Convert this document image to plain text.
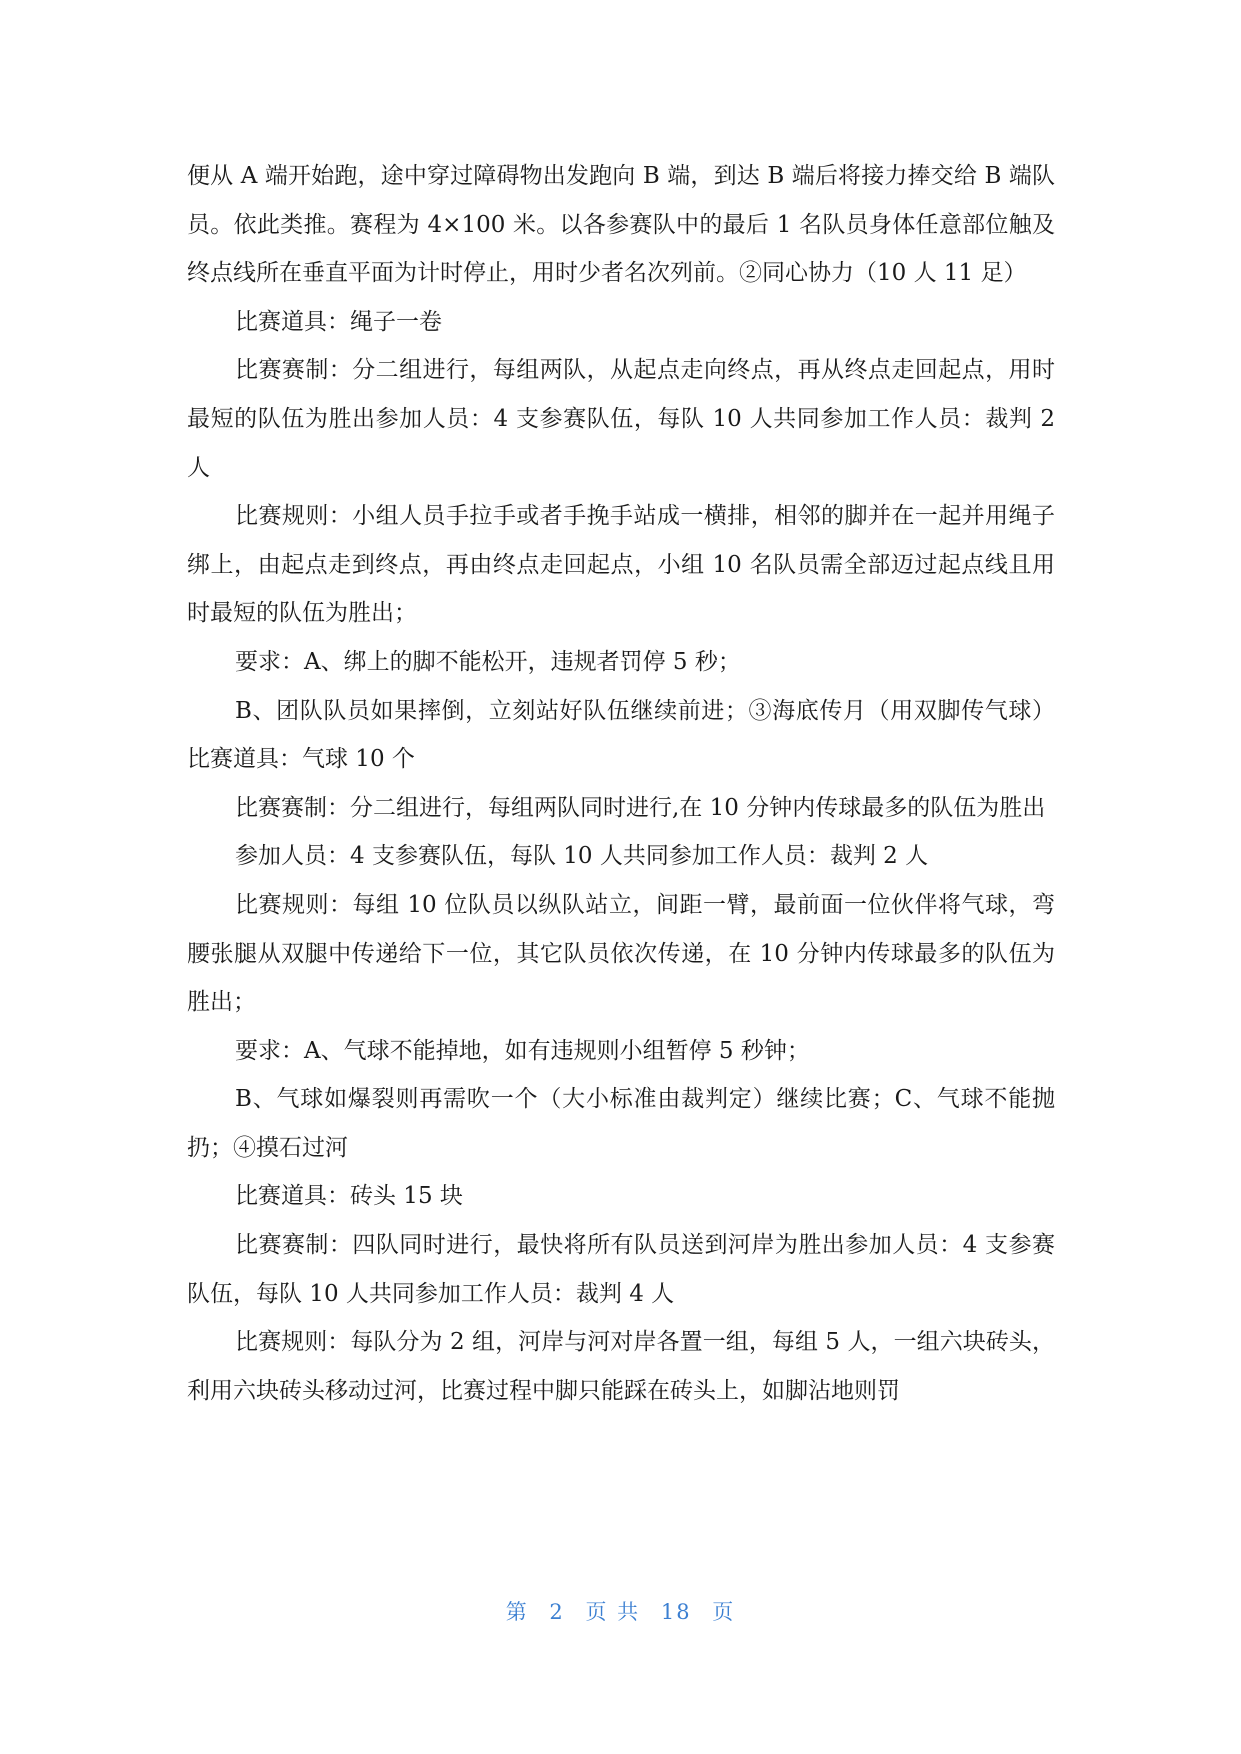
便从 A 端开始跑，途中穿过障碍物出发跑向 B 端，到达 B 端后将接力捧交给 B 端队员。依此类推。赛程为 4×100 米。以各参赛队中的最后 1 名队员身体任意部位触及终点线所在垂直平面为计时停止，用时少者名次列前。②同心协力（10 人 11 足）

比赛道具：绳子一卷

比赛赛制：分二组进行，每组两队，从起点走向终点，再从终点走回起点，用时最短的队伍为胜出参加人员：4 支参赛队伍，每队 10 人共同参加工作人员：裁判 2 人

比赛规则：小组人员手拉手或者手挽手站成一横排，相邻的脚并在一起并用绳子绑上，由起点走到终点，再由终点走回起点，小组 10 名队员需全部迈过起点线且用时最短的队伍为胜出；

要求：A、绑上的脚不能松开，违规者罚停 5 秒；

B、团队队员如果摔倒，立刻站好队伍继续前进；③海底传月（用双脚传气球）比赛道具：气球 10 个

比赛赛制：分二组进行，每组两队同时进行,在 10 分钟内传球最多的队伍为胜出

参加人员：4 支参赛队伍，每队 10 人共同参加工作人员：裁判 2 人

比赛规则：每组 10 位队员以纵队站立，间距一臂，最前面一位伙伴将气球，弯腰张腿从双腿中传递给下一位，其它队员依次传递，在 10 分钟内传球最多的队伍为胜出；

要求：A、气球不能掉地，如有违规则小组暂停 5 秒钟；

B、气球如爆裂则再需吹一个（大小标准由裁判定）继续比赛；C、气球不能抛扔；④摸石过河

比赛道具：砖头 15 块

比赛赛制：四队同时进行，最快将所有队员送到河岸为胜出参加人员：4 支参赛队伍，每队 10 人共同参加工作人员：裁判 4 人

比赛规则：每队分为 2 组，河岸与河对岸各置一组，每组 5 人，一组六块砖头，利用六块砖头移动过河，比赛过程中脚只能踩在砖头上，如脚沾地则罚

第 2 页 共 18 页
